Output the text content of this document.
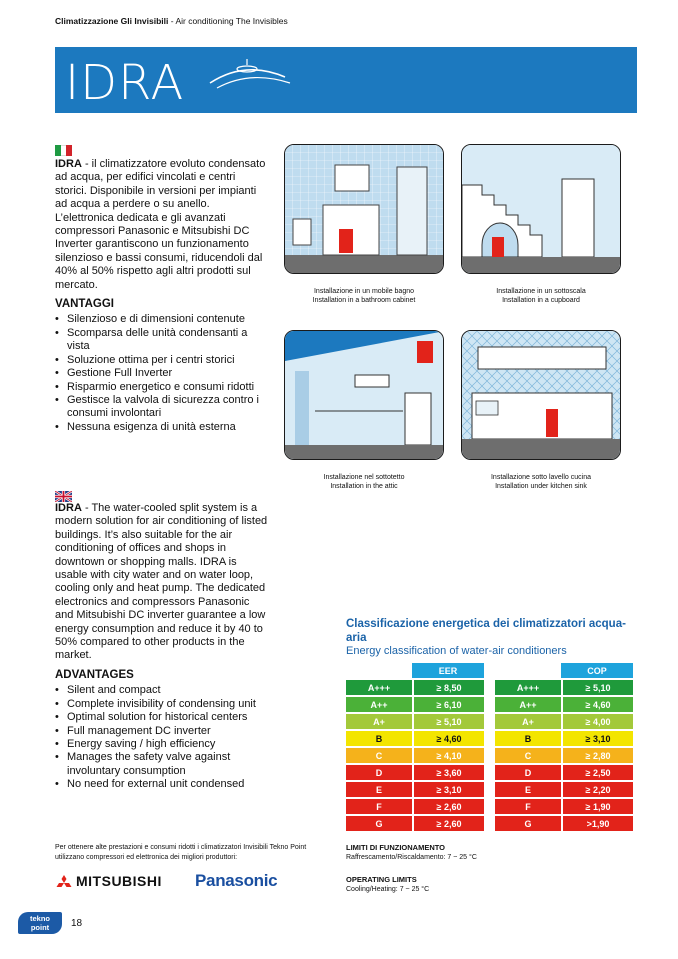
Climatizzazione Gli Invisibili - Air conditioning The Invisibles
IDRA

IDRA - il climatizzatore evoluto condensato ad acqua, per edifici vincolati e centri storici. Disponibile in versioni per impianti ad acqua a perdere o su anello.

L’elettronica dedicata e gli avanzati compressori Panasonic e Mitsubishi DC Inverter garantiscono un funzionamento silenzioso e bassi consumi, riducendoli dal 40% al 50% rispetto agli altri prodotti sul mercato.

VANTAGGI
• Silenzioso e di dimensioni contenute
• Scomparsa delle unità condensanti a vista
• Soluzione ottima per i centri storici
• Gestione Full Inverter
• Risparmio energetico e consumi ridotti
• Gestisce la valvola di sicurezza contro i consumi involontari
• Nessuna esigenza di unità esterna

IDRA - The water-cooled split system is a modern solution for air conditioning of listed buildings. It’s also suitable for the air conditioning of offices and shops in downtown or shopping malls. IDRA is usable with city water and on water loop, cooling only and heat pump. The dedicated electronics and compressors Panasonic and Mitsubishi DC inverter guarantee a low energy consumption and reduce it by 40 to 50% compared to other products in the market.

ADVANTAGES
• Silent and compact
• Complete invisibility of condensing unit
• Optimal solution for historical centers
• Full management DC inverter
• Energy saving / high efficiency
• Manages the safety valve against involuntary consumption
• No need for external unit condensed
Installazione in un mobile bagno
Installation in a bathroom cabinet
Installazione in un sottoscala
Installation in a cupboard
Installazione nel sottotetto
Installation in the attic
Installazione sotto lavello cucina
Installation under kitchen sink
Classificazione energetica dei climatizzatori acqua-aria
Energy classification of water-air conditioners
	EER
A+++	≥ 8,50
A++	≥ 6,10
A+	≥ 5,10
B	≥ 4,60
C	≥ 4,10
D	≥ 3,60
E	≥ 3,10
F	≥ 2,60
G	≥ 2,60
	COP
A+++	≥ 5,10
A++	≥ 4,60
A+	≥ 4,00
B	≥ 3,10
C	≥ 2,80
D	≥ 2,50
E	≥ 2,20
F	≥ 1,90
G	>1,90
LIMITI DI FUNZIONAMENTO
Raffrescamento/Riscaldamento: 7 ~ 25 °C
OPERATING LIMITS
Cooling/Heating: 7 ~ 25 °C
Per ottenere alte prestazioni e consumi ridotti i climatizzatori Invisibili Tekno Point utilizzano compressori ed elettronica dei migliori produttori:
MITSUBISHI Panasonic
tekno
point	18
